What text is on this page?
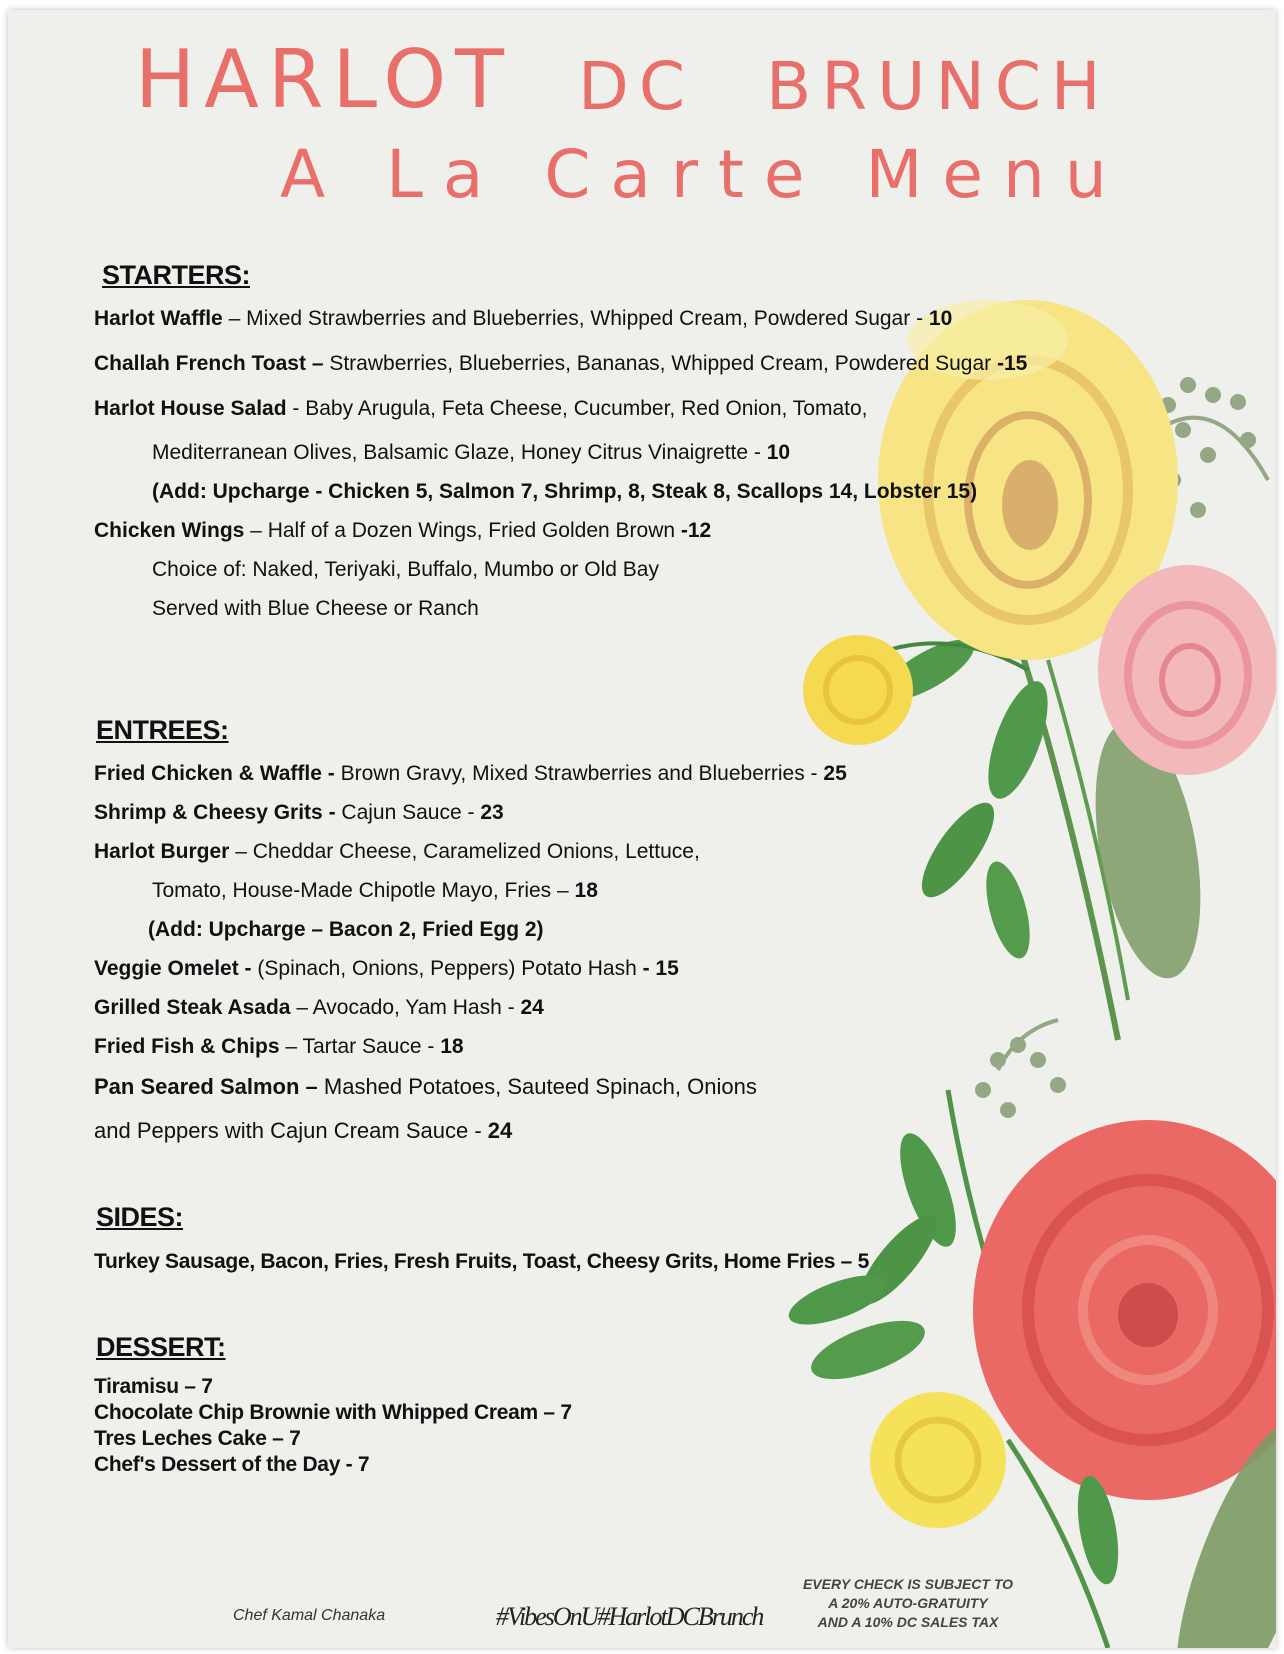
HARLOT DC BRUNCH
A La Carte Menu
STARTERS:
Harlot Waffle – Mixed Strawberries and Blueberries, Whipped Cream, Powdered Sugar - 10
Challah French Toast – Strawberries, Blueberries, Bananas, Whipped Cream, Powdered Sugar -15
Harlot House Salad - Baby Arugula, Feta Cheese, Cucumber, Red Onion, Tomato,
Mediterranean Olives, Balsamic Glaze, Honey Citrus Vinaigrette - 10
(Add: Upcharge - Chicken 5, Salmon 7, Shrimp, 8, Steak 8, Scallops 14, Lobster 15)
Chicken Wings – Half of a Dozen Wings, Fried Golden Brown -12
Choice of: Naked, Teriyaki, Buffalo, Mumbo or Old Bay
Served with Blue Cheese or Ranch
ENTREES:
Fried Chicken & Waffle - Brown Gravy, Mixed Strawberries and Blueberries - 25
Shrimp & Cheesy Grits - Cajun Sauce - 23
Harlot Burger – Cheddar Cheese, Caramelized Onions, Lettuce,
Tomato, House-Made Chipotle Mayo, Fries – 18
(Add: Upcharge – Bacon 2, Fried Egg 2)
Veggie Omelet - (Spinach, Onions, Peppers) Potato Hash - 15
Grilled Steak Asada – Avocado, Yam Hash - 24
Fried Fish & Chips – Tartar Sauce - 18
Pan Seared Salmon – Mashed Potatoes, Sauteed Spinach, Onions
and Peppers with Cajun Cream Sauce - 24
SIDES:
Turkey Sausage, Bacon, Fries, Fresh Fruits, Toast, Cheesy Grits, Home Fries – 5
DESSERT:
Tiramisu – 7
Chocolate Chip Brownie with Whipped Cream – 7
Tres Leches Cake – 7
Chef's Dessert of the Day - 7
Chef Kamal Chanaka	#VibesOnU#HarlotDCBrunch
EVERY CHECK IS SUBJECT TO
A 20% AUTO-GRATUITY
AND A 10% DC SALES TAX
